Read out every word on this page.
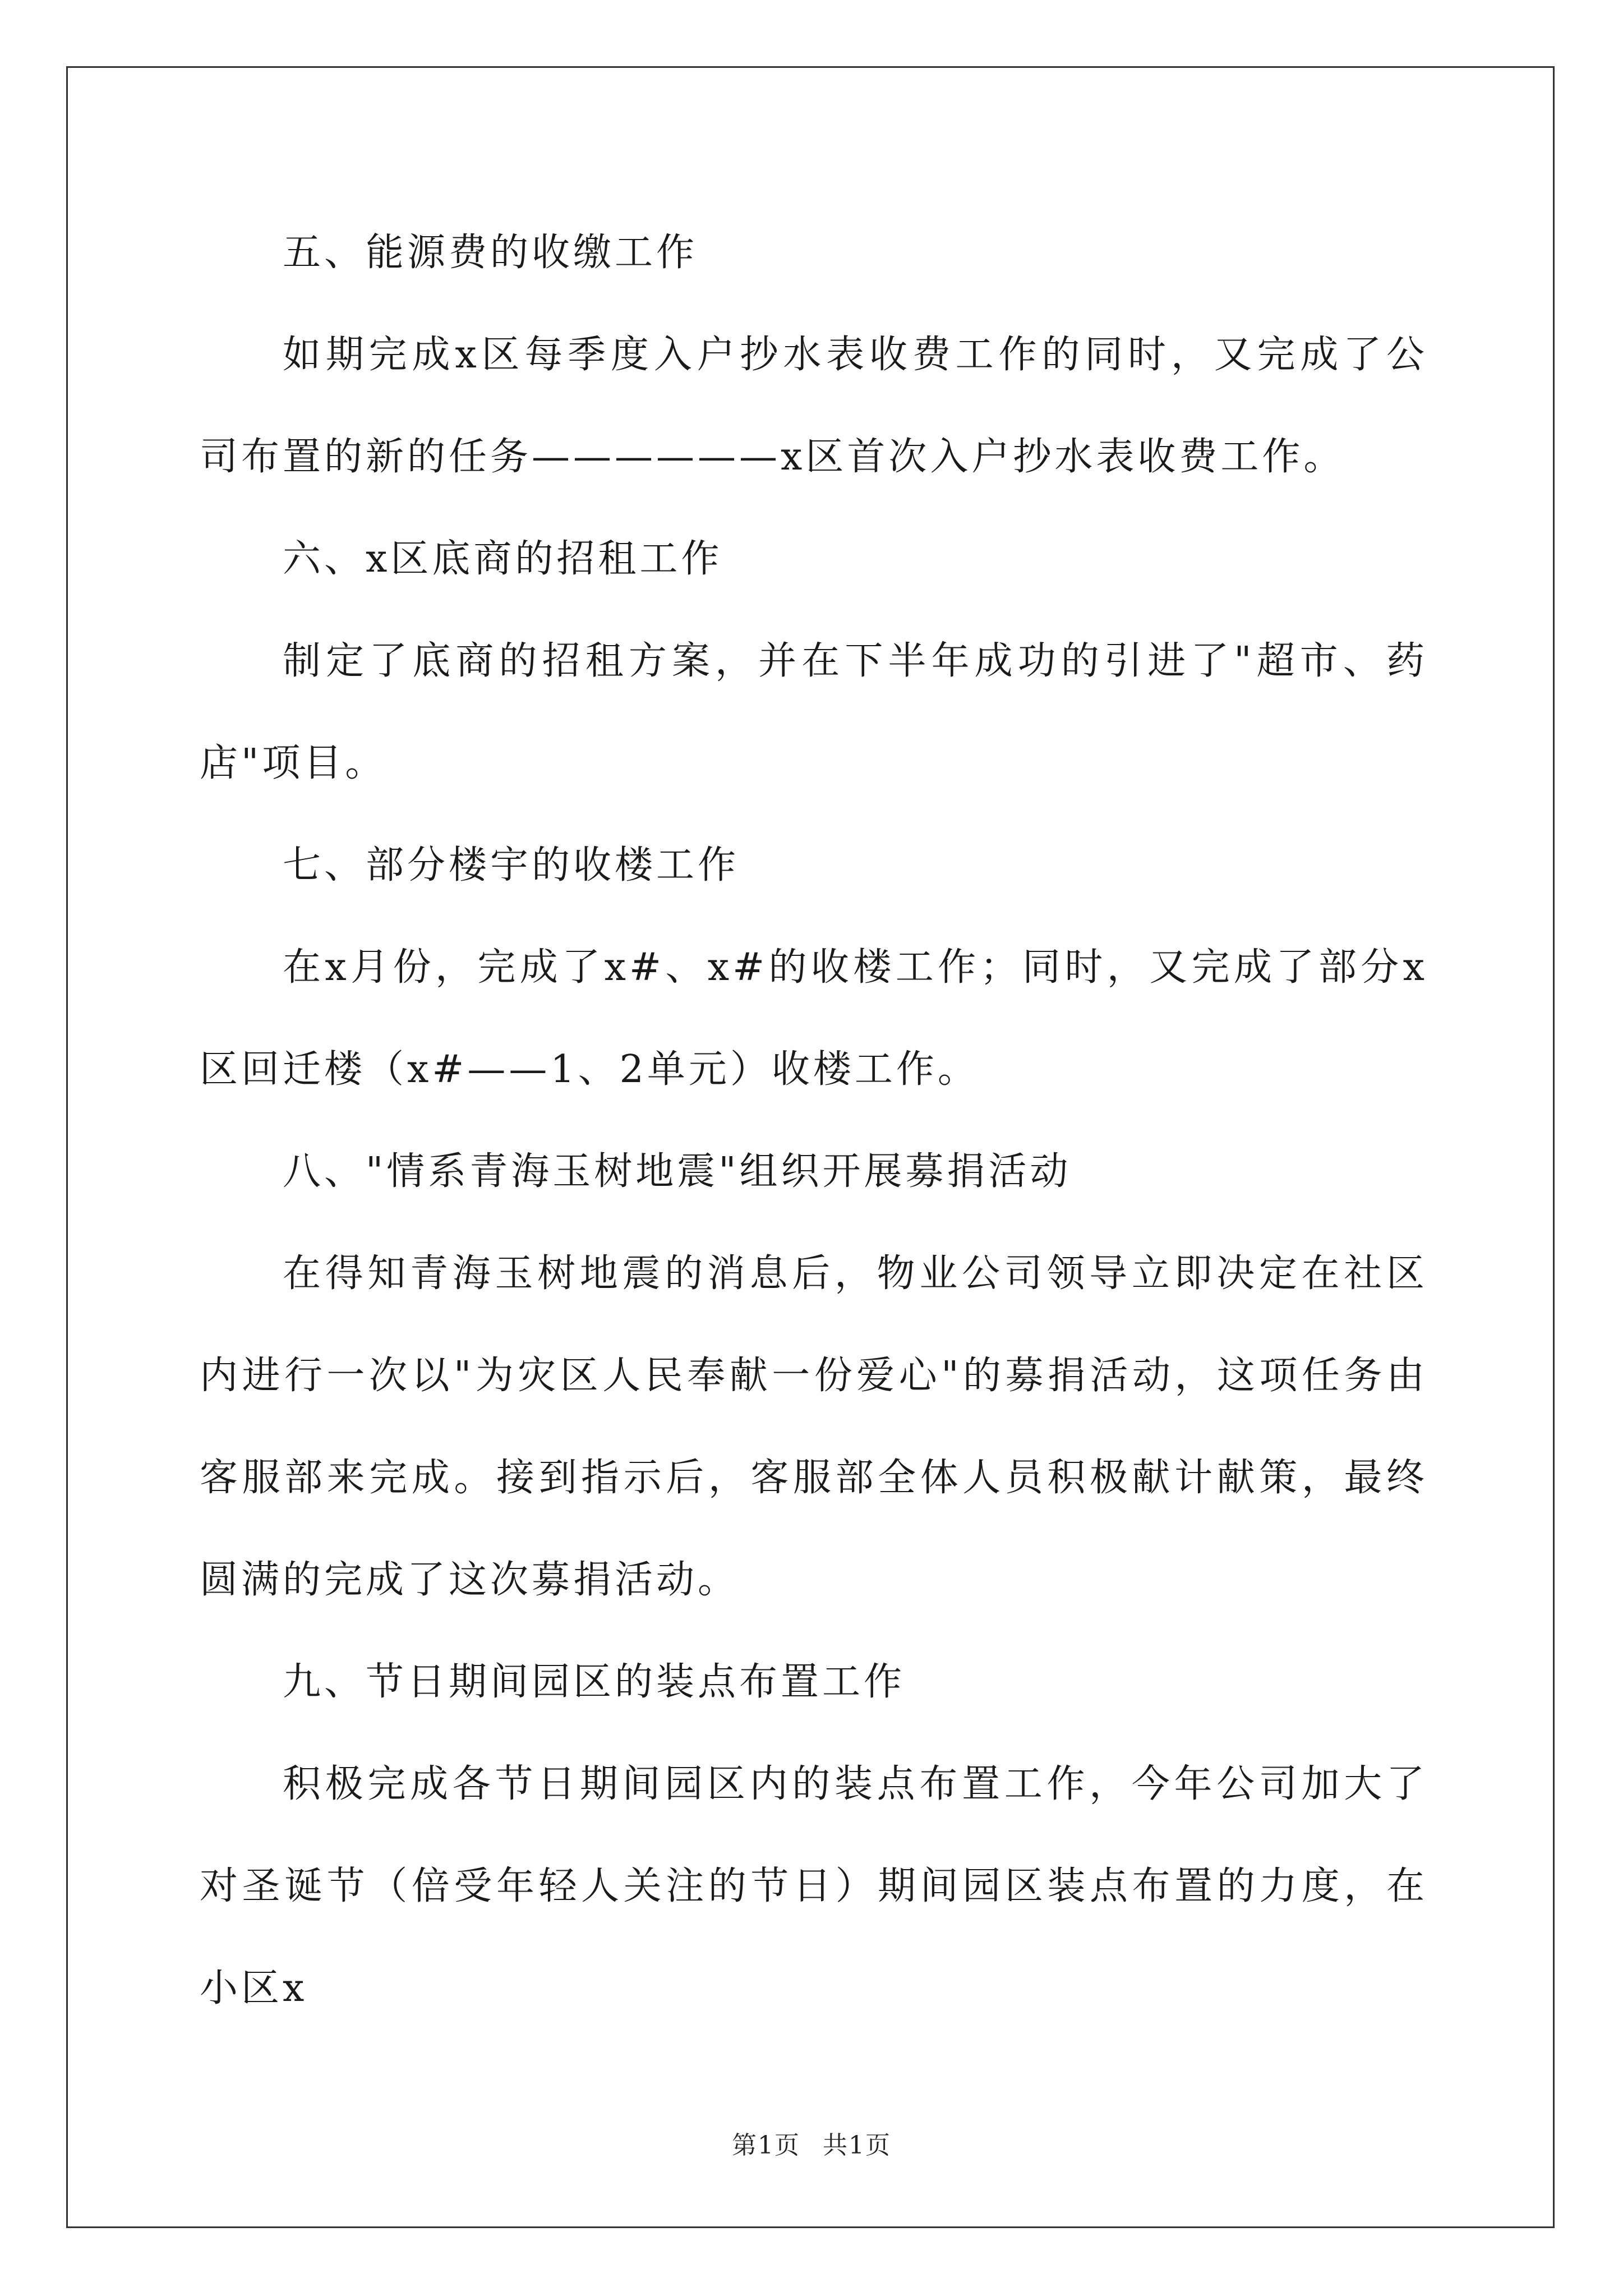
五、能源费的收缴工作

如期完成x区每季度入户抄水表收费工作的同时，又完成了公司布置的新的任务——————x区首次入户抄水表收费工作。

六、x区底商的招租工作

制定了底商的招租方案，并在下半年成功的引进了"超市、药店"项目。

七、部分楼宇的收楼工作

在x月份，完成了x#、x#的收楼工作；同时，又完成了部分x区回迁楼（x#——1、2单元）收楼工作。

八、"情系青海玉树地震"组织开展募捐活动

在得知青海玉树地震的消息后，物业公司领导立即决定在社区内进行一次以"为灾区人民奉献一份爱心"的募捐活动，这项任务由客服部来完成。接到指示后，客服部全体人员积极献计献策，最终圆满的完成了这次募捐活动。

九、节日期间园区的装点布置工作

积极完成各节日期间园区内的装点布置工作，今年公司加大了对圣诞节（倍受年轻人关注的节日）期间园区装点布置的力度，在小区x

第1页 共1页
